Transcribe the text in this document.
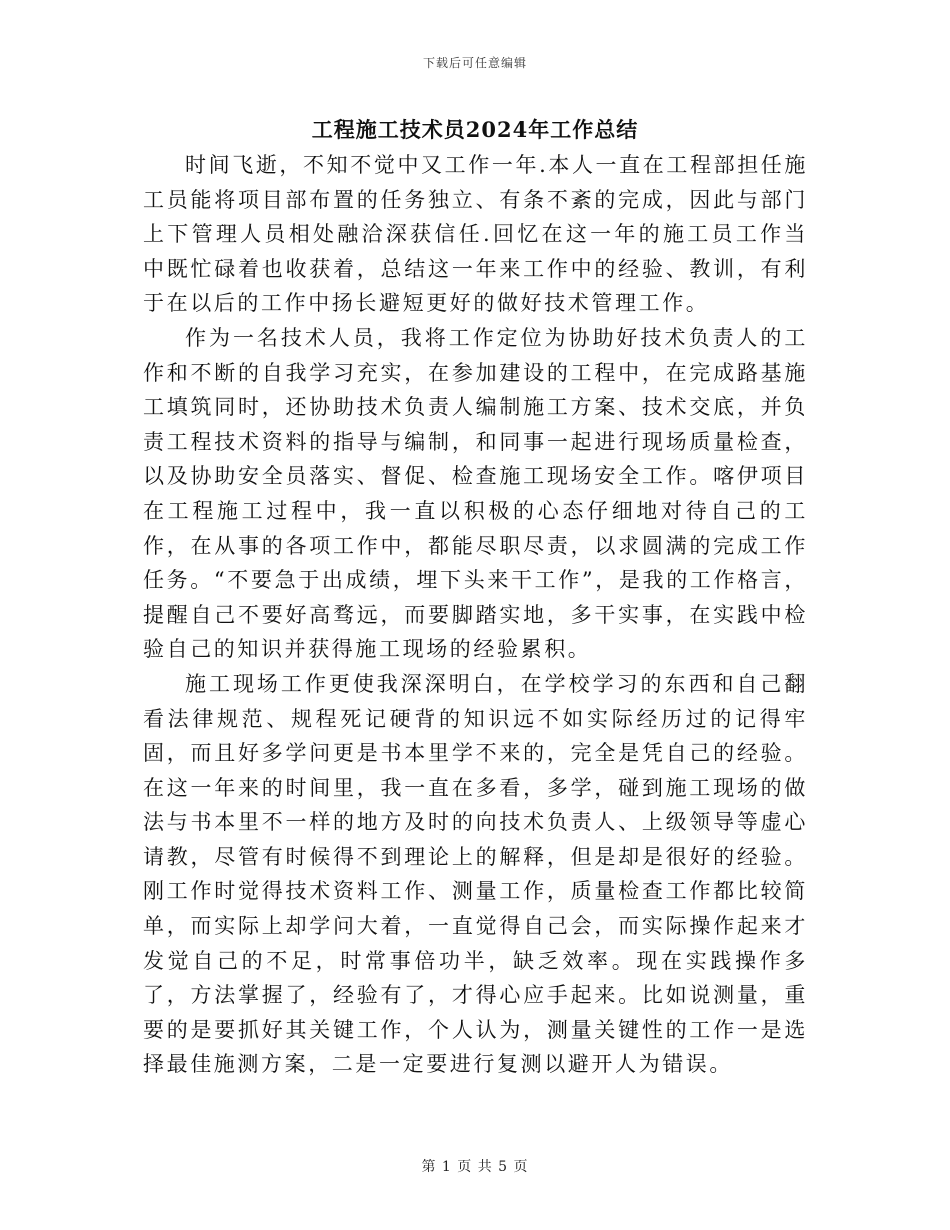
下载后可任意编辑
工程施工技术员2024年工作总结

时间飞逝，不知不觉中又工作一年.本人一直在工程部担任施工员能将项目部布置的任务独立、有条不紊的完成，因此与部门上下管理人员相处融洽深获信任.回忆在这一年的施工员工作当中既忙碌着也收获着，总结这一年来工作中的经验、教训，有利于在以后的工作中扬长避短更好的做好技术管理工作。

作为一名技术人员，我将工作定位为协助好技术负责人的工作和不断的自我学习充实，在参加建设的工程中，在完成路基施工填筑同时，还协助技术负责人编制施工方案、技术交底，并负责工程技术资料的指导与编制，和同事一起进行现场质量检查，以及协助安全员落实、督促、检查施工现场安全工作。喀伊项目在工程施工过程中，我一直以积极的心态仔细地对待自己的工作，在从事的各项工作中，都能尽职尽责，以求圆满的完成工作任务。“不要急于出成绩，埋下头来干工作”，是我的工作格言，提醒自己不要好高骛远，而要脚踏实地，多干实事，在实践中检验自己的知识并获得施工现场的经验累积。

施工现场工作更使我深深明白，在学校学习的东西和自己翻看法律规范、规程死记硬背的知识远不如实际经历过的记得牢固，而且好多学问更是书本里学不来的，完全是凭自己的经验。在这一年来的时间里，我一直在多看，多学，碰到施工现场的做法与书本里不一样的地方及时的向技术负责人、上级领导等虚心请教，尽管有时候得不到理论上的解释，但是却是很好的经验。刚工作时觉得技术资料工作、测量工作，质量检查工作都比较简单，而实际上却学问大着，一直觉得自己会，而实际操作起来才发觉自己的不足，时常事倍功半，缺乏效率。现在实践操作多了，方法掌握了，经验有了，才得心应手起来。比如说测量，重要的是要抓好其关键工作，个人认为，测量关键性的工作一是选择最佳施测方案，二是一定要进行复测以避开人为错误。

第 1 页 共 5 页
